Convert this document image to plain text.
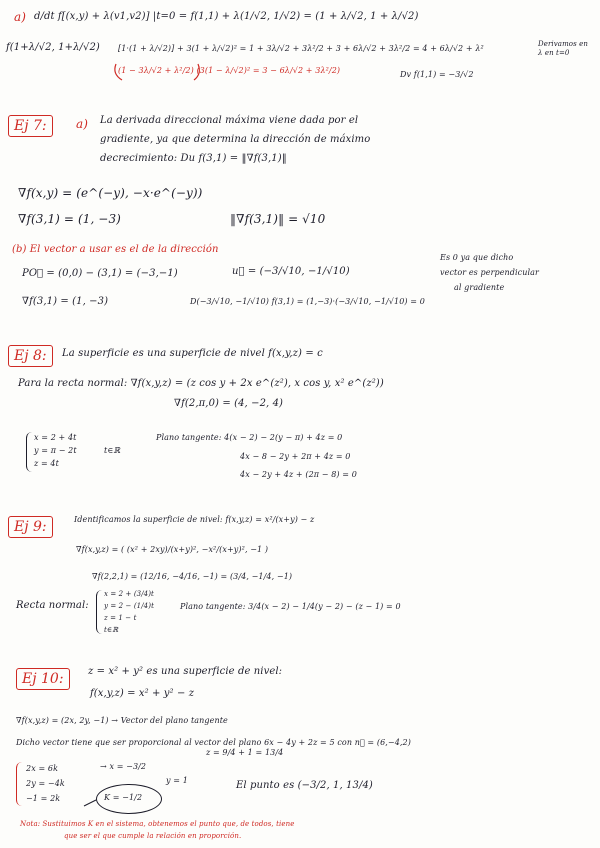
a) d/dt f[(x,y) + λ(v1,v2)] |t=0 = f(1,1) + λ(1/√2, 1/√2) = (1 + λ/√2, 1 + λ/√2)
f(1+λ/√2, 1+λ/√2) [1·(1 + λ/√2)] + 3(1 + λ/√2)² = 1 + 3λ/√2 + 3λ²/2 + 3 + 6λ/√2 + 3λ²/2 = 4 + 6λ/√2 + λ²	Derivamos en
λ en t=0
(1 − 3λ/√2 + λ²/2) (3(1 − λ/√2)² = 3 − 6λ/√2 + 3λ²/2)	Dv f(1,1) = −3/√2
Ej 7:	a) La derivada direccional máxima viene dada por el
gradiente, ya que determina la dirección de máximo
decrecimiento: Du f(3,1) = ‖∇f(3,1)‖
∇f(x,y) = (e^(−y), −x·e^(−y))
∇f(3,1) = (1, −3)	‖∇f(3,1)‖ = √10
(b) El vector a usar es el de la dirección
PO⃗ = (0,0) − (3,1) = (−3,−1)	u⃗ = (−3/√10, −1/√10)
Es 0 ya que dicho
vector es perpendicular
al gradiente
∇f(3,1) = (1, −3)	D(−3/√10, −1/√10) f(3,1) = (1,−3)·(−3/√10, −1/√10) = 0
Ej 8:	La superficie es una superficie de nivel f(x,y,z) = c
Para la recta normal: ∇f(x,y,z) = (z cos y + 2x e^(z²), x cos y, x² e^(z²))
∇f(2,π,0) = (4, −2, 4)
x = 2 + 4t
y = π − 2t
z = 4t
t∈ℝ
Plano tangente: 4(x − 2) − 2(y − π) + 4z = 0
4x − 8 − 2y + 2π + 4z = 0
4x − 2y + 4z + (2π − 8) = 0
Ej 9:	Identificamos la superficie de nivel: f(x,y,z) = x²/(x+y) − z
∇f(x,y,z) = ( (x² + 2xy)/(x+y)², −x²/(x+y)², −1 )
∇f(2,2,1) = (12/16, −4/16, −1) = (3/4, −1/4, −1)
Recta normal:
x = 2 + (3/4)t
y = 2 − (1/4)t
z = 1 − t
t∈ℝ
Plano tangente: 3/4(x − 2) − 1/4(y − 2) − (z − 1) = 0
Ej 10:	z = x² + y² es una superficie de nivel:
f(x,y,z) = x² + y² − z
∇f(x,y,z) = (2x, 2y, −1) → Vector del plano tangente
Dicho vector tiene que ser proporcional al vector del plano 6x − 4y + 2z = 5 con n⃗ = (6,−4,2)
2x = 6k
2y = −4k
−1 = 2k
→ x = −3/2
y = 1
K = −1/2
z = 9/4 + 1 = 13/4
El punto es (−3/2, 1, 13/4)
Nota: Sustituimos K en el sistema, obtenemos el punto que, de todos, tiene
que ser el que cumple la relación en proporción.
